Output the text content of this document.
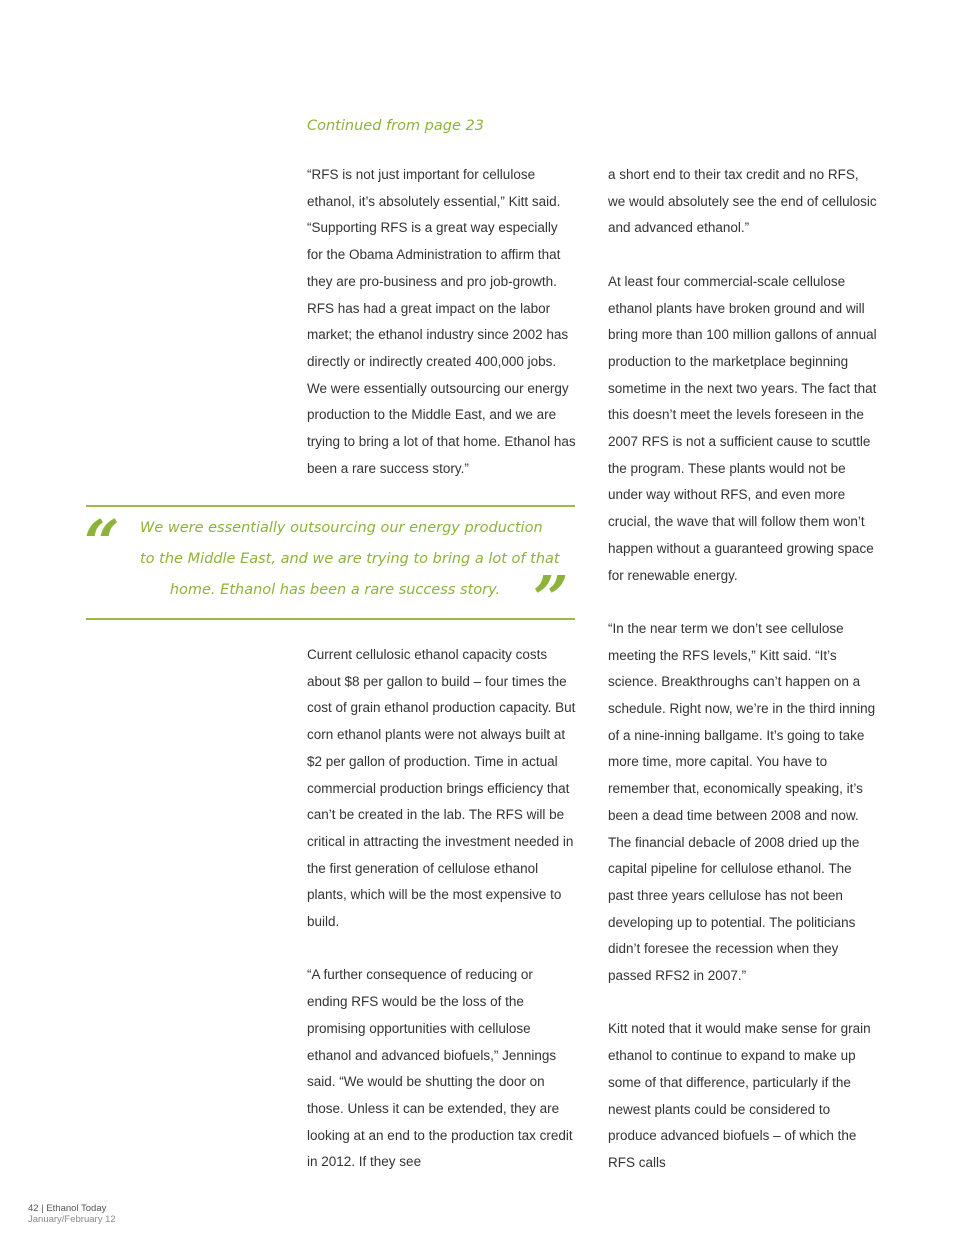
Continued from page 23

“RFS is not just important for cellulose ethanol, it’s absolutely essential,” Kitt said. “Supporting RFS is a great way especially for the Obama Administration to affirm that they are pro-business and pro job-growth. RFS has had a great impact on the labor market; the ethanol industry since 2002 has directly or indirectly created 400,000 jobs. We were essentially outsourcing our energy production to the Middle East, and we are trying to bring a lot of that home. Ethanol has been a rare success story.”

“ We were essentially outsourcing our energy production
to the Middle East, and we are trying to bring a lot of that
home. Ethanol has been a rare success story. ”

Current cellulosic ethanol capacity costs about $8 per gallon to build – four times the cost of grain ethanol production capacity. But corn ethanol plants were not always built at $2 per gallon of production. Time in actual commercial production brings efficiency that can’t be created in the lab. The RFS will be critical in attracting the investment needed in the first generation of cellulose ethanol plants, which will be the most expensive to build.

“A further consequence of reducing or ending RFS would be the loss of the promising opportunities with cellulose ethanol and advanced biofuels,” Jennings said. “We would be shutting the door on those. Unless it can be extended, they are looking at an end to the production tax credit in 2012. If they see

a short end to their tax credit and no RFS, we would absolutely see the end of cellulosic and advanced ethanol.”

At least four commercial-scale cellulose ethanol plants have broken ground and will bring more than 100 million gallons of annual production to the marketplace beginning sometime in the next two years. The fact that this doesn’t meet the levels foreseen in the 2007 RFS is not a sufficient cause to scuttle the program. These plants would not be under way without RFS, and even more crucial, the wave that will follow them won’t happen without a guaranteed growing space for renewable energy.

“In the near term we don’t see cellulose meeting the RFS levels,” Kitt said. “It’s science. Breakthroughs can’t happen on a schedule. Right now, we’re in the third inning of a nine-inning ballgame. It’s going to take more time, more capital. You have to remember that, economically speaking, it’s been a dead time between 2008 and now. The financial debacle of 2008 dried up the capital pipeline for cellulose ethanol. The past three years cellulose has not been developing up to potential. The politicians didn’t foresee the recession when they passed RFS2 in 2007.”

Kitt noted that it would make sense for grain ethanol to continue to expand to make up some of that difference, particularly if the newest plants could be considered to produce advanced biofuels – of which the RFS calls

42 | Ethanol Today
January/February 12
